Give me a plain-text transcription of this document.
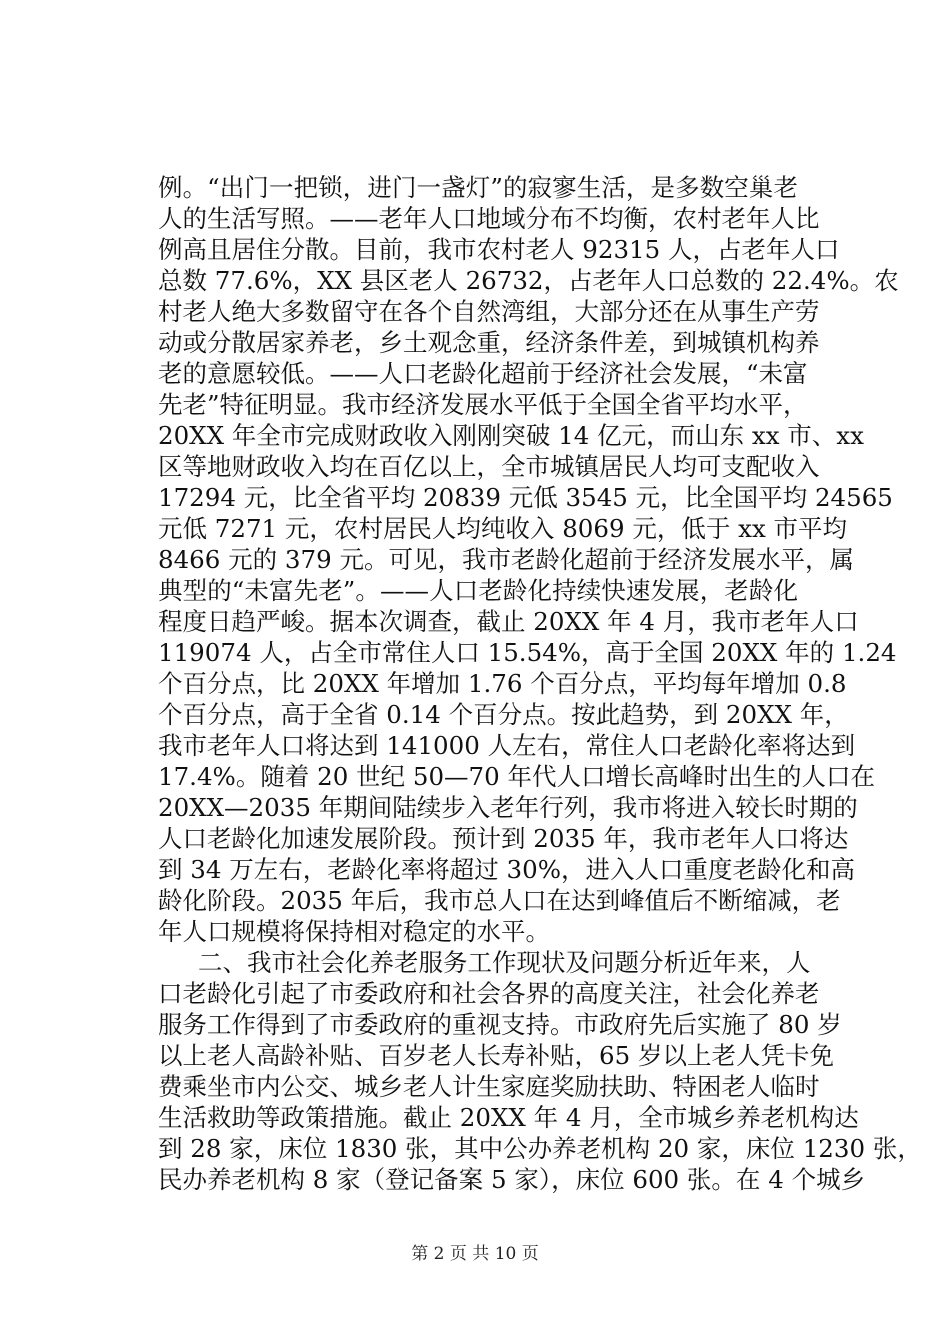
例。“出门一把锁，进门一盏灯”的寂寥生活，是多数空巢老
人的生活写照。——老年人口地域分布不均衡，农村老年人比
例高且居住分散。目前，我市农村老人 92315 人，占老年人口
总数 77.6%，XX 县区老人 26732，占老年人口总数的 22.4%。农
村老人绝大多数留守在各个自然湾组，大部分还在从事生产劳
动或分散居家养老，乡土观念重，经济条件差，到城镇机构养
老的意愿较低。——人口老龄化超前于经济社会发展，“未富
先老”特征明显。我市经济发展水平低于全国全省平均水平，
20XX 年全市完成财政收入刚刚突破 14 亿元，而山东 xx 市、xx
区等地财政收入均在百亿以上，全市城镇居民人均可支配收入
17294 元，比全省平均 20839 元低 3545 元，比全国平均 24565
元低 7271 元，农村居民人均纯收入 8069 元，低于 xx 市平均
8466 元的 379 元。可见，我市老龄化超前于经济发展水平，属
典型的“未富先老”。——人口老龄化持续快速发展，老龄化
程度日趋严峻。据本次调查，截止 20XX 年 4 月，我市老年人口
119074 人，占全市常住人口 15.54%，高于全国 20XX 年的 1.24
个百分点，比 20XX 年增加 1.76 个百分点，平均每年增加 0.8
个百分点，高于全省 0.14 个百分点。按此趋势，到 20XX 年，
我市老年人口将达到 141000 人左右，常住人口老龄化率将达到
17.4%。随着 20 世纪 50—70 年代人口增长高峰时出生的人口在
20XX—2035 年期间陆续步入老年行列，我市将进入较长时期的
人口老龄化加速发展阶段。预计到 2035 年，我市老年人口将达
到 34 万左右，老龄化率将超过 30%，进入人口重度老龄化和高
龄化阶段。2035 年后，我市总人口在达到峰值后不断缩减，老
年人口规模将保持相对稳定的水平。
二、我市社会化养老服务工作现状及问题分析近年来，人
口老龄化引起了市委政府和社会各界的高度关注，社会化养老
服务工作得到了市委政府的重视支持。市政府先后实施了 80 岁
以上老人高龄补贴、百岁老人长寿补贴，65 岁以上老人凭卡免
费乘坐市内公交、城乡老人计生家庭奖励扶助、特困老人临时
生活救助等政策措施。截止 20XX 年 4 月，全市城乡养老机构达
到 28 家，床位 1830 张，其中公办养老机构 20 家，床位 1230 张，
民办养老机构 8 家（登记备案 5 家），床位 600 张。在 4 个城乡
第 2 页 共 10 页
